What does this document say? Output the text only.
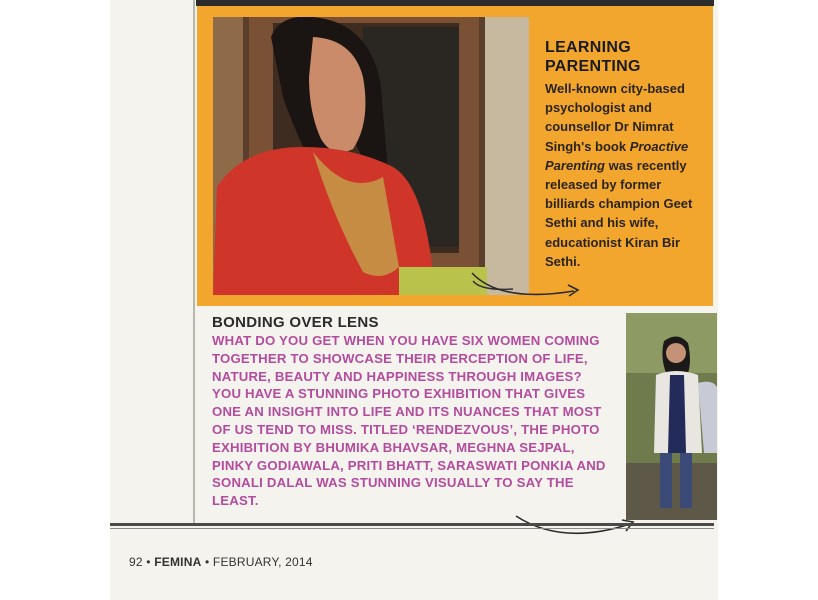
LEARNING
PARENTING
Well-known city-based psychologist and counsellor Dr Nimrat Singh's book Proactive Parenting was recently released by former billiards champion Geet Sethi and his wife, educationist Kiran Bir Sethi.
BONDING OVER LENS
WHAT DO YOU GET WHEN YOU HAVE SIX WOMEN COMING TOGETHER TO SHOWCASE THEIR PERCEPTION OF LIFE, NATURE, BEAUTY AND HAPPINESS THROUGH IMAGES? YOU HAVE A STUNNING PHOTO EXHIBITION THAT GIVES ONE AN INSIGHT INTO LIFE AND ITS NUANCES THAT MOST OF US TEND TO MISS. TITLED ‘RENDEZVOUS’, THE PHOTO EXHIBITION BY BHUMIKA BHAVSAR, MEGHNA SEJPAL, PINKY GODIAWALA, PRITI BHATT, SARASWATI PONKIA AND SONALI DALAL WAS STUNNING VISUALLY TO SAY THE LEAST.
92 • FEMINA • FEBRUARY, 2014
